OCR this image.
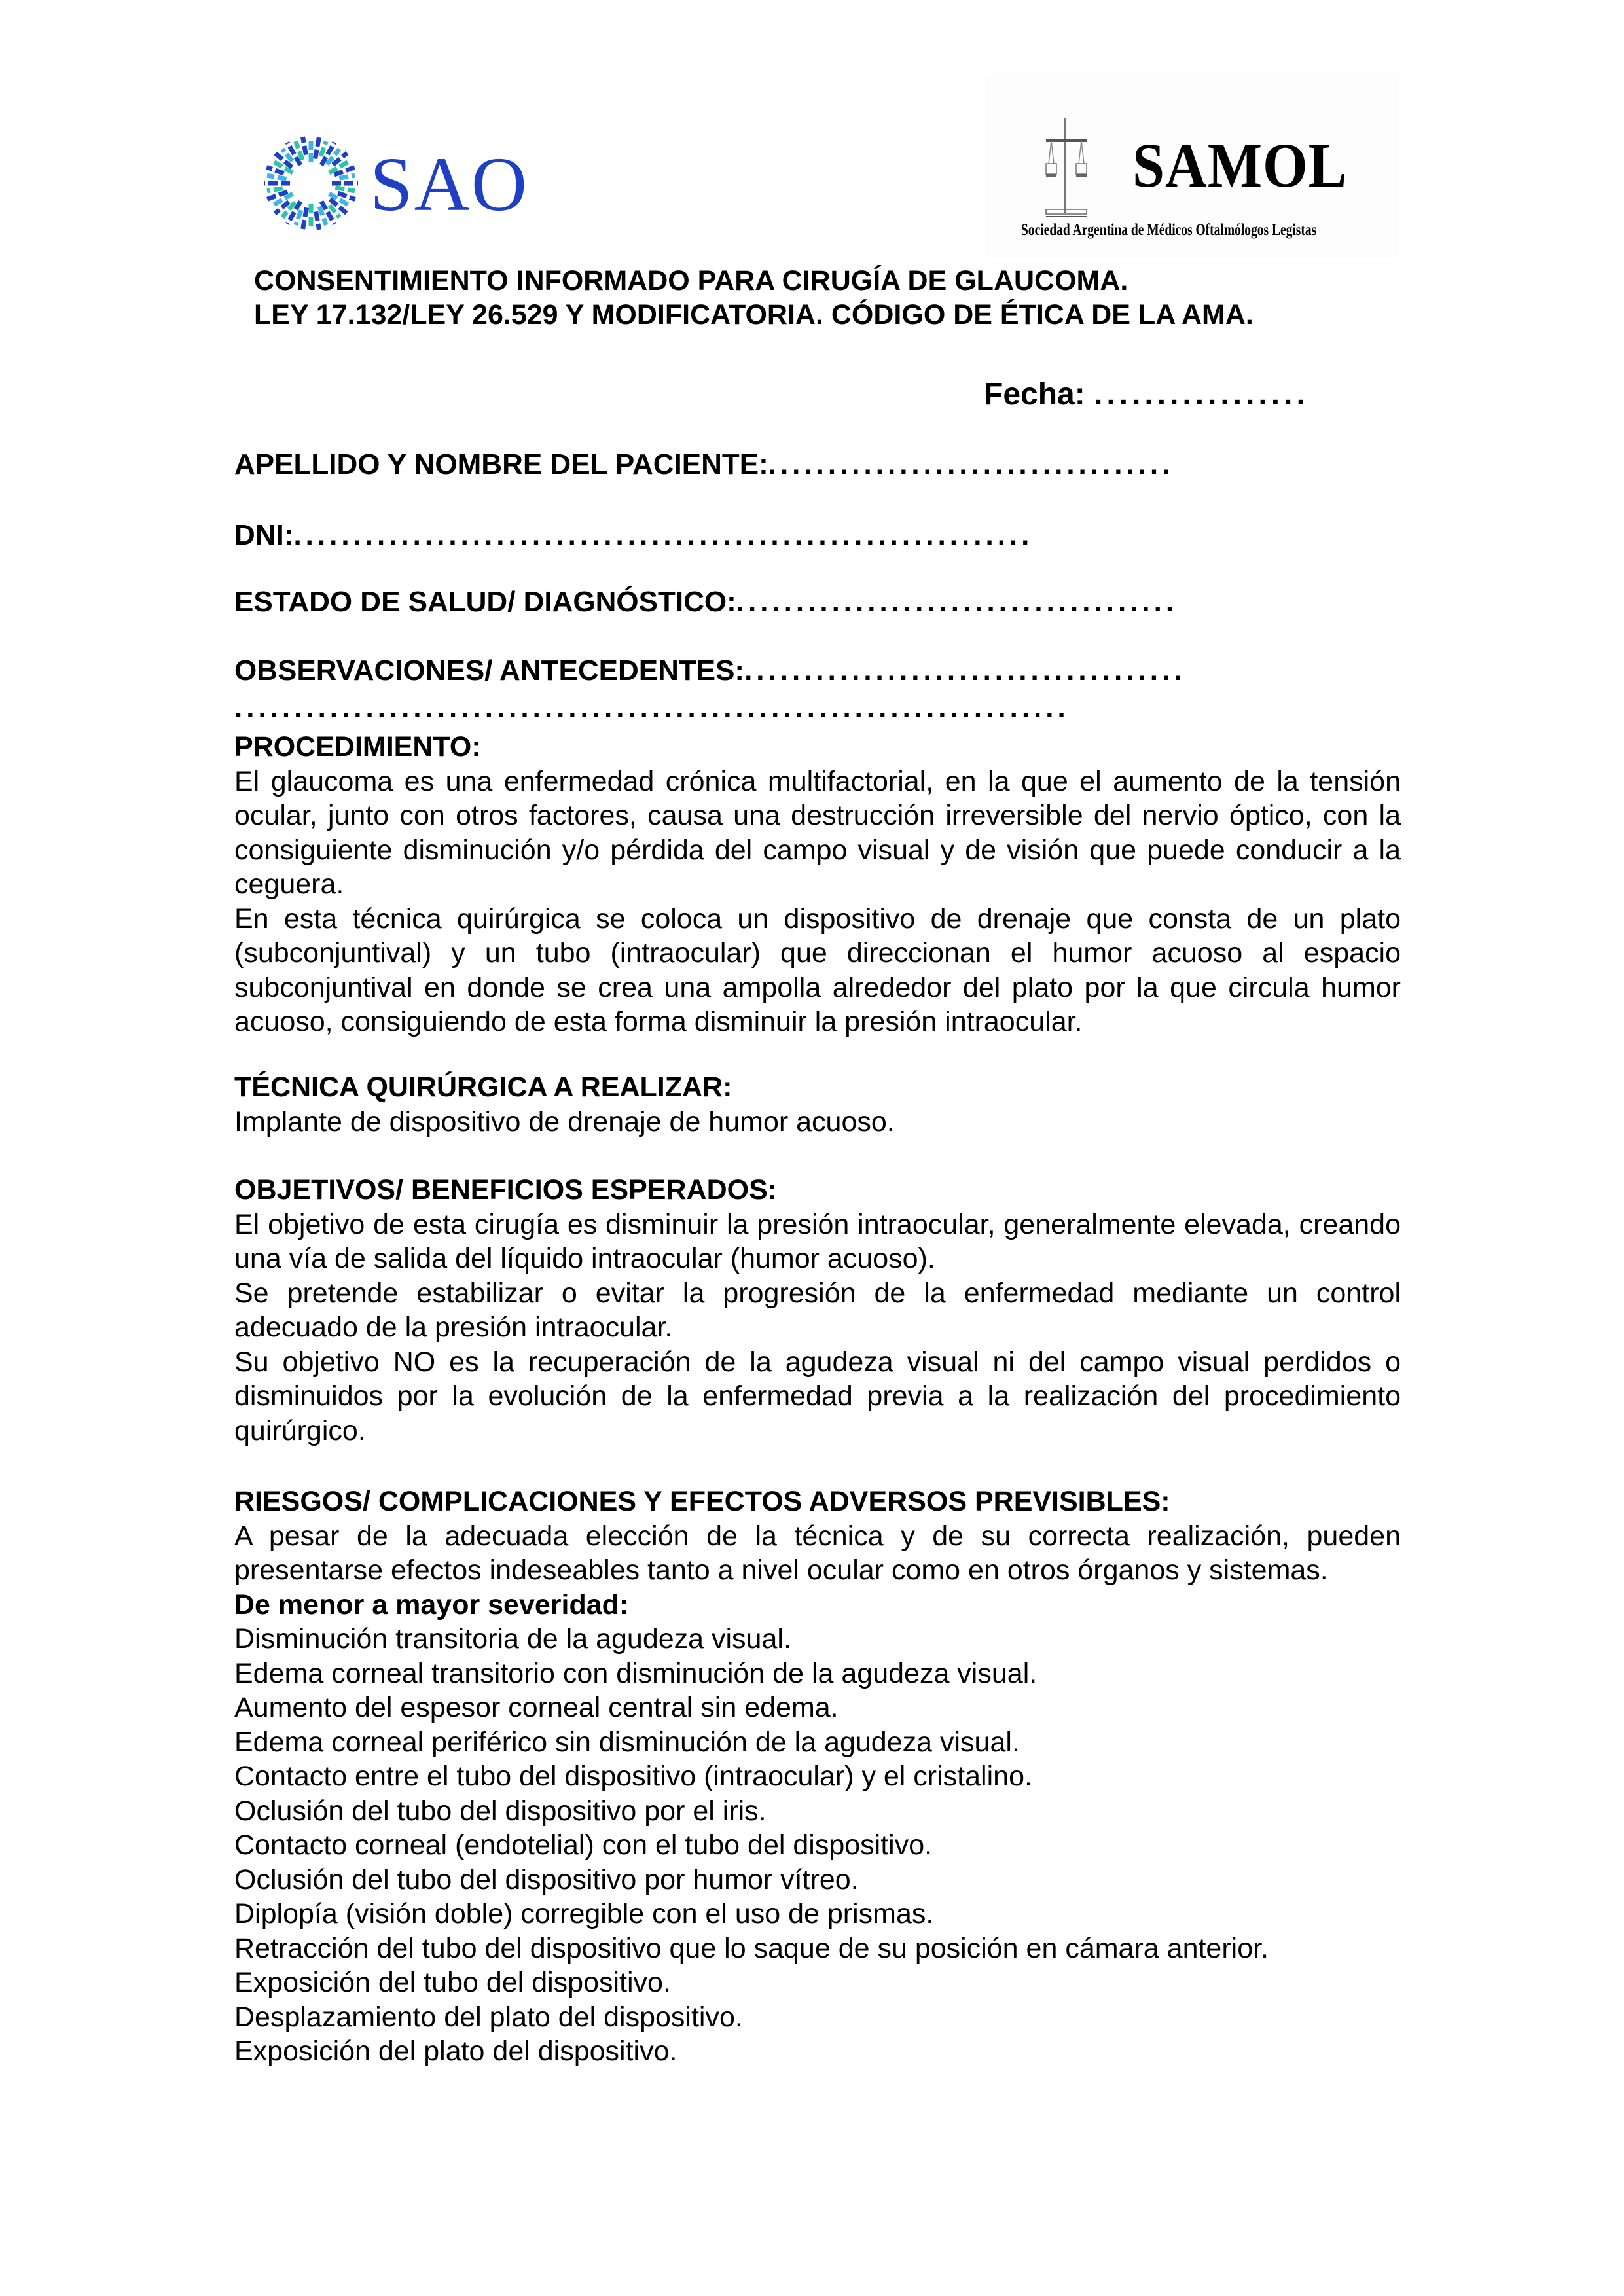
SAO	SAMOL
Sociedad Argentina de Médicos Oftalmólogos Legistas
CONSENTIMIENTO INFORMADO PARA CIRUGÍA DE GLAUCOMA.
LEY 17.132/LEY 26.529 Y MODIFICATORIA. CÓDIGO DE ÉTICA DE LA AMA.
Fecha: .................
APELLIDO Y NOMBRE DEL PACIENTE:..................................
DNI:..............................................................
ESTADO DE SALUD/ DIAGNÓSTICO:.....................................
OBSERVACIONES/ ANTECEDENTES:.....................................
......................................................................
PROCEDIMIENTO:
El glaucoma es una enfermedad crónica multifactorial, en la que el aumento de la tensión ocular, junto con otros factores, causa una destrucción irreversible del nervio óptico, con la consiguiente disminución y/o pérdida del campo visual y de visión que puede conducir a la ceguera.
En esta técnica quirúrgica se coloca un dispositivo de drenaje que consta de un plato (subconjuntival) y un tubo (intraocular) que direccionan el humor acuoso al espacio subconjuntival en donde se crea una ampolla alrededor del plato por la que circula humor acuoso, consiguiendo de esta forma disminuir la presión intraocular.
TÉCNICA QUIRÚRGICA A REALIZAR:
Implante de dispositivo de drenaje de humor acuoso.
OBJETIVOS/ BENEFICIOS ESPERADOS:
El objetivo de esta cirugía es disminuir la presión intraocular, generalmente elevada, creando una vía de salida del líquido intraocular (humor acuoso).
Se pretende estabilizar o evitar la progresión de la enfermedad mediante un control adecuado de la presión intraocular.
Su objetivo NO es la recuperación de la agudeza visual ni del campo visual perdidos o disminuidos por la evolución de la enfermedad previa a la realización del procedimiento quirúrgico.
RIESGOS/ COMPLICACIONES Y EFECTOS ADVERSOS PREVISIBLES:
A pesar de la adecuada elección de la técnica y de su correcta realización, pueden presentarse efectos indeseables tanto a nivel ocular como en otros órganos y sistemas.
De menor a mayor severidad:
Disminución transitoria de la agudeza visual.
Edema corneal transitorio con disminución de la agudeza visual.
Aumento del espesor corneal central sin edema.
Edema corneal periférico sin disminución de la agudeza visual.
Contacto entre el tubo del dispositivo (intraocular) y el cristalino.
Oclusión del tubo del dispositivo por el iris.
Contacto corneal (endotelial) con el tubo del dispositivo.
Oclusión del tubo del dispositivo por humor vítreo.
Diplopía (visión doble) corregible con el uso de prismas.
Retracción del tubo del dispositivo que lo saque de su posición en cámara anterior.
Exposición del tubo del dispositivo.
Desplazamiento del plato del dispositivo.
Exposición del plato del dispositivo.
